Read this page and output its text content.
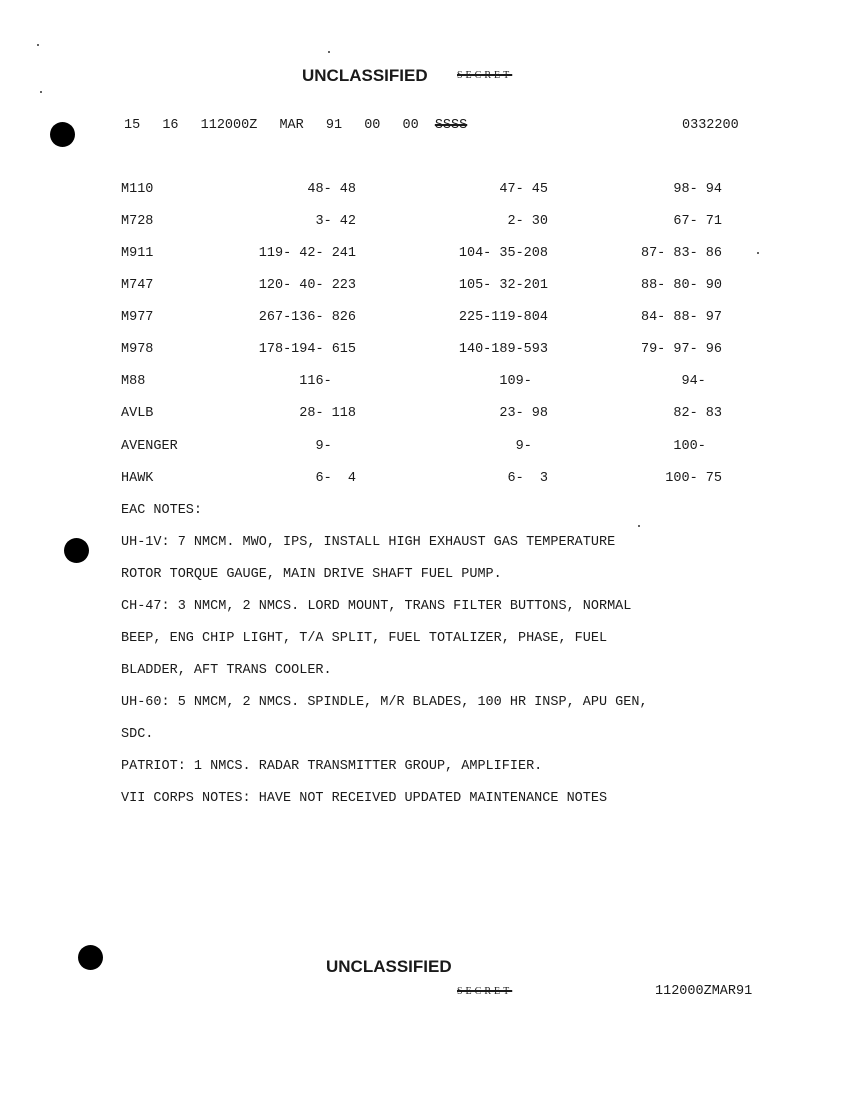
UNCLASSIFIED	SECRET
15 16 112000Z MAR 91 00 00 SSSS	0332200
M110	48- 48	47- 45	98- 94
M728	3- 42	2- 30	67- 71
M911	119- 42- 241	104- 35-208	87- 83- 86
M747	120- 40- 223	105- 32-201	88- 80- 90
M977	267-136- 826	225-119-804	84- 88- 97
M978	178-194- 615	140-189-593	79- 97- 96
M88	116-	109-	94-
AVLB	28- 118	23- 98	82- 83
AVENGER	9-	9-	100-
HAWK	6-  4	6-  3	100- 75
EAC NOTES:
UH-1V: 7 NMCM. MWO, IPS, INSTALL HIGH EXHAUST GAS TEMPERATURE
ROTOR TORQUE GAUGE, MAIN DRIVE SHAFT FUEL PUMP.
CH-47: 3 NMCM, 2 NMCS. LORD MOUNT, TRANS FILTER BUTTONS, NORMAL
BEEP, ENG CHIP LIGHT, T/A SPLIT, FUEL TOTALIZER, PHASE, FUEL
BLADDER, AFT TRANS COOLER.
UH-60: 5 NMCM, 2 NMCS. SPINDLE, M/R BLADES, 100 HR INSP, APU GEN,
SDC.
PATRIOT: 1 NMCS. RADAR TRANSMITTER GROUP, AMPLIFIER.
VII CORPS NOTES: HAVE NOT RECEIVED UPDATED MAINTENANCE NOTES
UNCLASSIFIED
SECRET	112000ZMAR91
